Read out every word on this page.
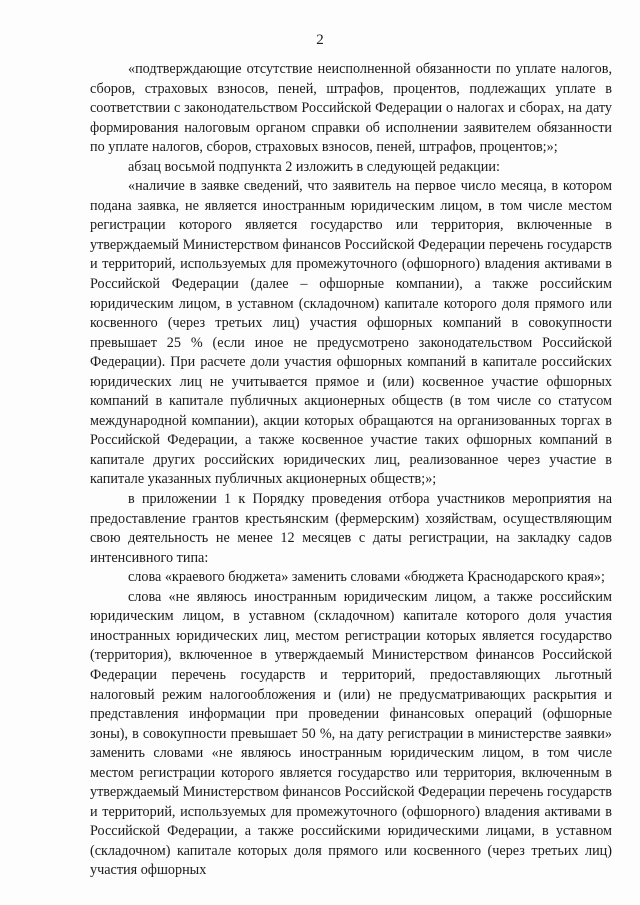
2

«подтверждающие отсутствие неисполненной обязанности по уплате налогов, сборов, страховых взносов, пеней, штрафов, процентов, подлежащих уплате в соответствии с законодательством Российской Федерации о налогах и сборах, на дату формирования налоговым органом справки об исполнении заявителем обязанности по уплате налогов, сборов, страховых взносов, пеней, штрафов, процентов;»;

абзац восьмой подпункта 2 изложить в следующей редакции:

«наличие в заявке сведений, что заявитель на первое число месяца, в котором подана заявка, не является иностранным юридическим лицом, в том числе местом регистрации которого является государство или территория, включенные в утверждаемый Министерством финансов Российской Федерации перечень государств и территорий, используемых для промежуточного (офшорного) владения активами в Российской Федерации (далее – офшорные компании), а также российским юридическим лицом, в уставном (складочном) капитале которого доля прямого или косвенного (через третьих лиц) участия офшорных компаний в совокупности превышает 25 % (если иное не предусмотрено законодательством Российской Федерации). При расчете доли участия офшорных компаний в капитале российских юридических лиц не учитывается прямое и (или) косвенное участие офшорных компаний в капитале публичных акционерных обществ (в том числе со статусом международной компании), акции которых обращаются на организованных торгах в Российской Федерации, а также косвенное участие таких офшорных компаний в капитале других российских юридических лиц, реализованное через участие в капитале указанных публичных акционерных обществ;»;

в приложении 1 к Порядку проведения отбора участников мероприятия на предоставление грантов крестьянским (фермерским) хозяйствам, осуществляющим свою деятельность не менее 12 месяцев с даты регистрации, на закладку садов интенсивного типа:

слова «краевого бюджета» заменить словами «бюджета Краснодарского края»;

слова «не являюсь иностранным юридическим лицом, а также российским юридическим лицом, в уставном (складочном) капитале которого доля участия иностранных юридических лиц, местом регистрации которых является государство (территория), включенное в утверждаемый Министерством финансов Российской Федерации перечень государств и территорий, предоставляющих льготный налоговый режим налогообложения и (или) не предусматривающих раскрытия и представления информации при проведении финансовых операций (офшорные зоны), в совокупности превышает 50 %, на дату регистрации в министерстве заявки» заменить словами «не являюсь иностранным юридическим лицом, в том числе местом регистрации которого является государство или территория, включенным в утверждаемый Министерством финансов Российской Федерации перечень государств и территорий, используемых для промежуточного (офшорного) владения активами в Российской Федерации, а также российскими юридическими лицами, в уставном (складочном) капитале которых доля прямого или косвенного (через третьих лиц) участия офшорных
